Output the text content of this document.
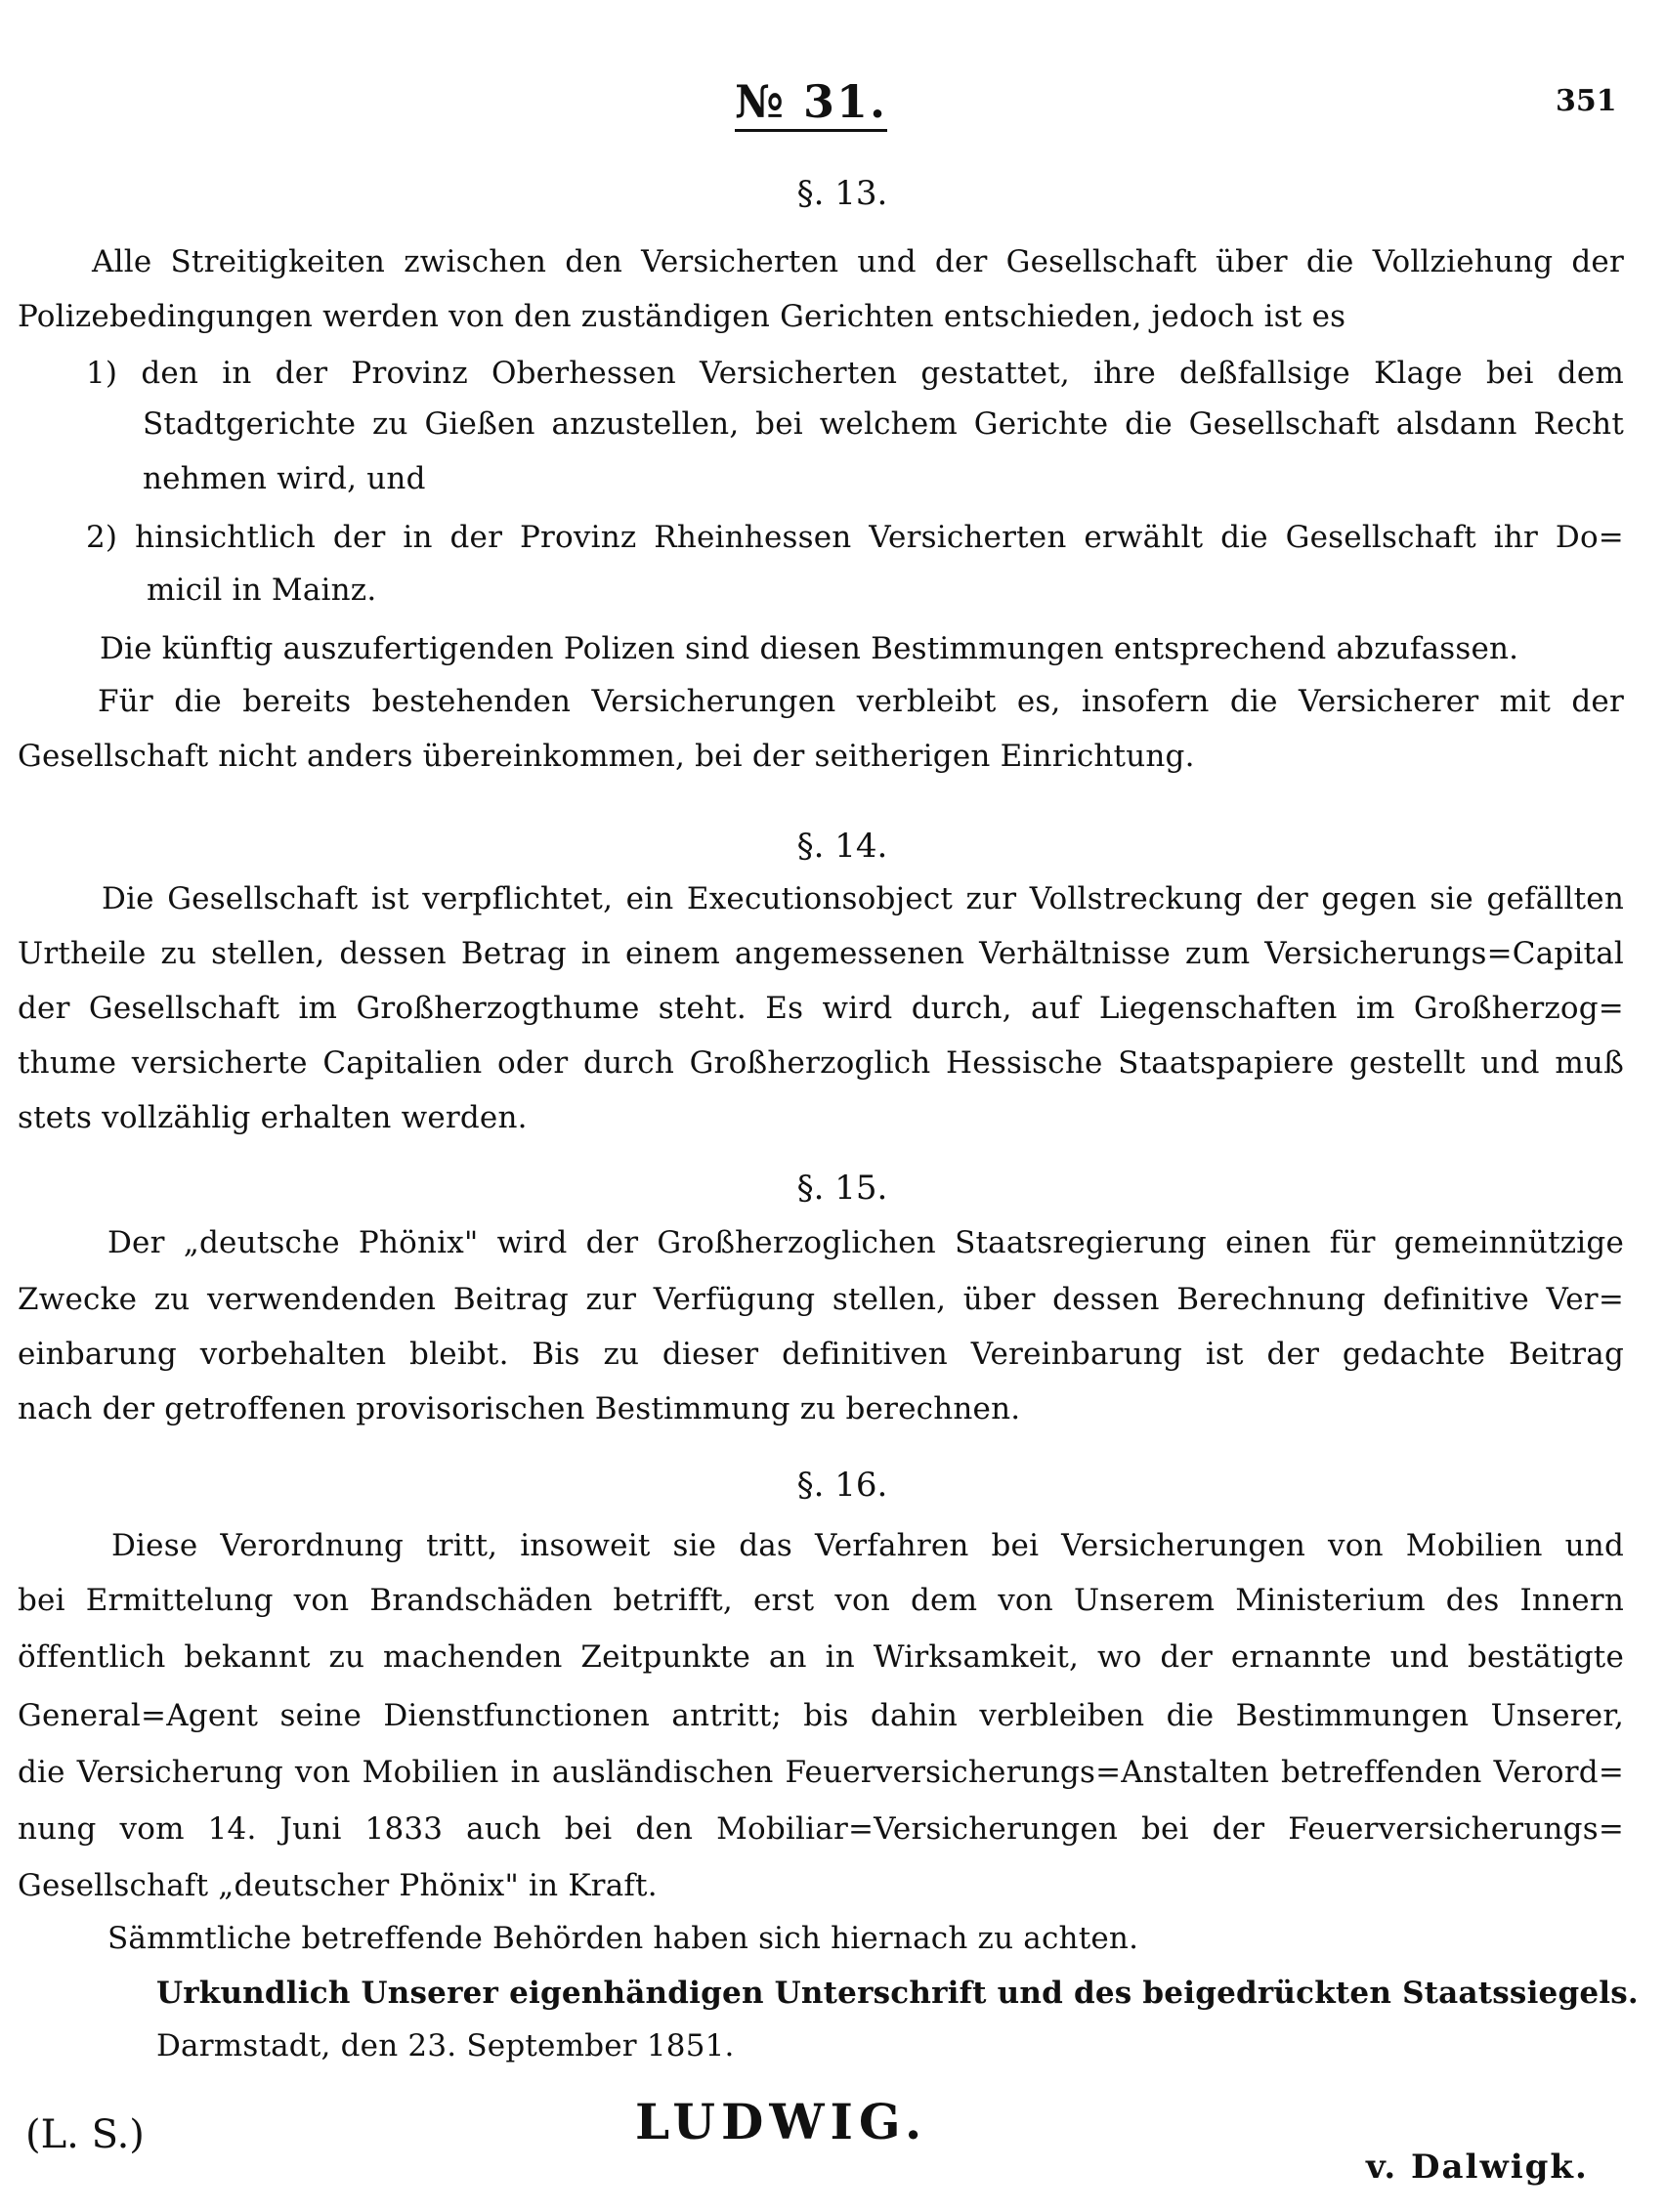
№ 31.	351
§. 13.
Alle Streitigkeiten zwischen den Versicherten und der Gesellschaft über die Vollziehung der
Polizebedingungen werden von den zuständigen Gerichten entschieden, jedoch ist es
1) den in der Provinz Oberhessen Versicherten gestattet, ihre deßfallsige Klage bei dem
Stadtgerichte zu Gießen anzustellen, bei welchem Gerichte die Gesellschaft alsdann Recht
nehmen wird, und
2) hinsichtlich der in der Provinz Rheinhessen Versicherten erwählt die Gesellschaft ihr Do=
micil in Mainz.
Die künftig auszufertigenden Polizen sind diesen Bestimmungen entsprechend abzufassen.
Für die bereits bestehenden Versicherungen verbleibt es, insofern die Versicherer mit der
Gesellschaft nicht anders übereinkommen, bei der seitherigen Einrichtung.
§. 14.
Die Gesellschaft ist verpflichtet, ein Executionsobject zur Vollstreckung der gegen sie gefällten
Urtheile zu stellen, dessen Betrag in einem angemessenen Verhältnisse zum Versicherungs=Capital
der Gesellschaft im Großherzogthume steht. Es wird durch, auf Liegenschaften im Großherzog=
thume versicherte Capitalien oder durch Großherzoglich Hessische Staatspapiere gestellt und muß
stets vollzählig erhalten werden.
§. 15.
Der „deutsche Phönix" wird der Großherzoglichen Staatsregierung einen für gemeinnützige
Zwecke zu verwendenden Beitrag zur Verfügung stellen, über dessen Berechnung definitive Ver=
einbarung vorbehalten bleibt. Bis zu dieser definitiven Vereinbarung ist der gedachte Beitrag
nach der getroffenen provisorischen Bestimmung zu berechnen.
§. 16.
Diese Verordnung tritt, insoweit sie das Verfahren bei Versicherungen von Mobilien und
bei Ermittelung von Brandschäden betrifft, erst von dem von Unserem Ministerium des Innern
öffentlich bekannt zu machenden Zeitpunkte an in Wirksamkeit, wo der ernannte und bestätigte
General=Agent seine Dienstfunctionen antritt; bis dahin verbleiben die Bestimmungen Unserer,
die Versicherung von Mobilien in ausländischen Feuerversicherungs=Anstalten betreffenden Verord=
nung vom 14. Juni 1833 auch bei den Mobiliar=Versicherungen bei der Feuerversicherungs=
Gesellschaft „deutscher Phönix" in Kraft.
Sämmtliche betreffende Behörden haben sich hiernach zu achten.
Urkundlich Unserer eigenhändigen Unterschrift und des beigedrückten Staatssiegels.
Darmstadt, den 23. September 1851.
(L. S.)	LUDWIG.
v. Dalwigk.
